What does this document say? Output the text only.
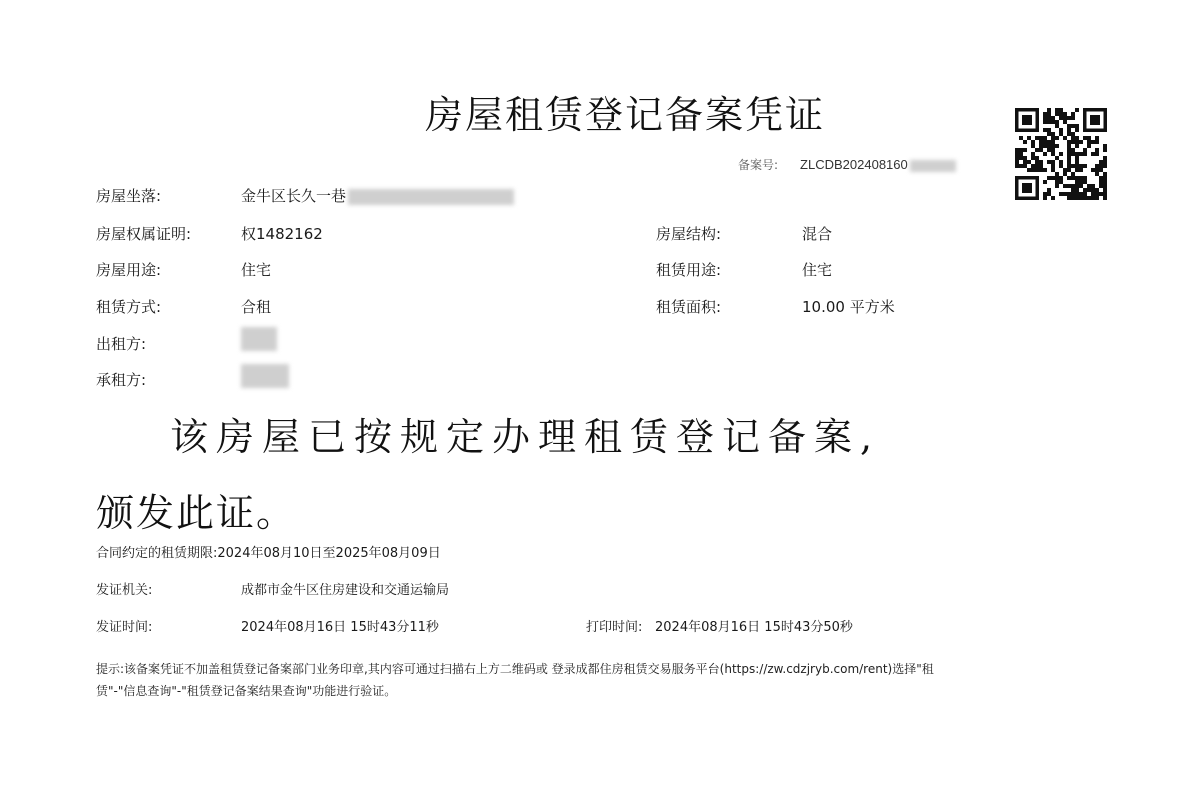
房屋租赁登记备案凭证
备案号: ZLCDB202408160
房屋坐落:	金牛区长久一巷
房屋权属证明:	权1482162	房屋结构:	混合
房屋用途:	住宅	租赁用途:	住宅
租赁方式:	合租	租赁面积:	10.00 平方米
出租方:
承租方:
该房屋已按规定办理租赁登记备案,
颁发此证。
合同约定的租赁期限:2024年08月10日至2025年08月09日
发证机关:	成都市金牛区住房建设和交通运输局
发证时间:	2024年08月16日 15时43分11秒	打印时间: 2024年08月16日 15时43分50秒
提示:该备案凭证不加盖租赁登记备案部门业务印章,其内容可通过扫描右上方二维码或 登录成都住房租赁交易服务平台(https://zw.cdzjryb.com/rent)选择"租
赁"-"信息查询"-"租赁登记备案结果查询"功能进行验证。
